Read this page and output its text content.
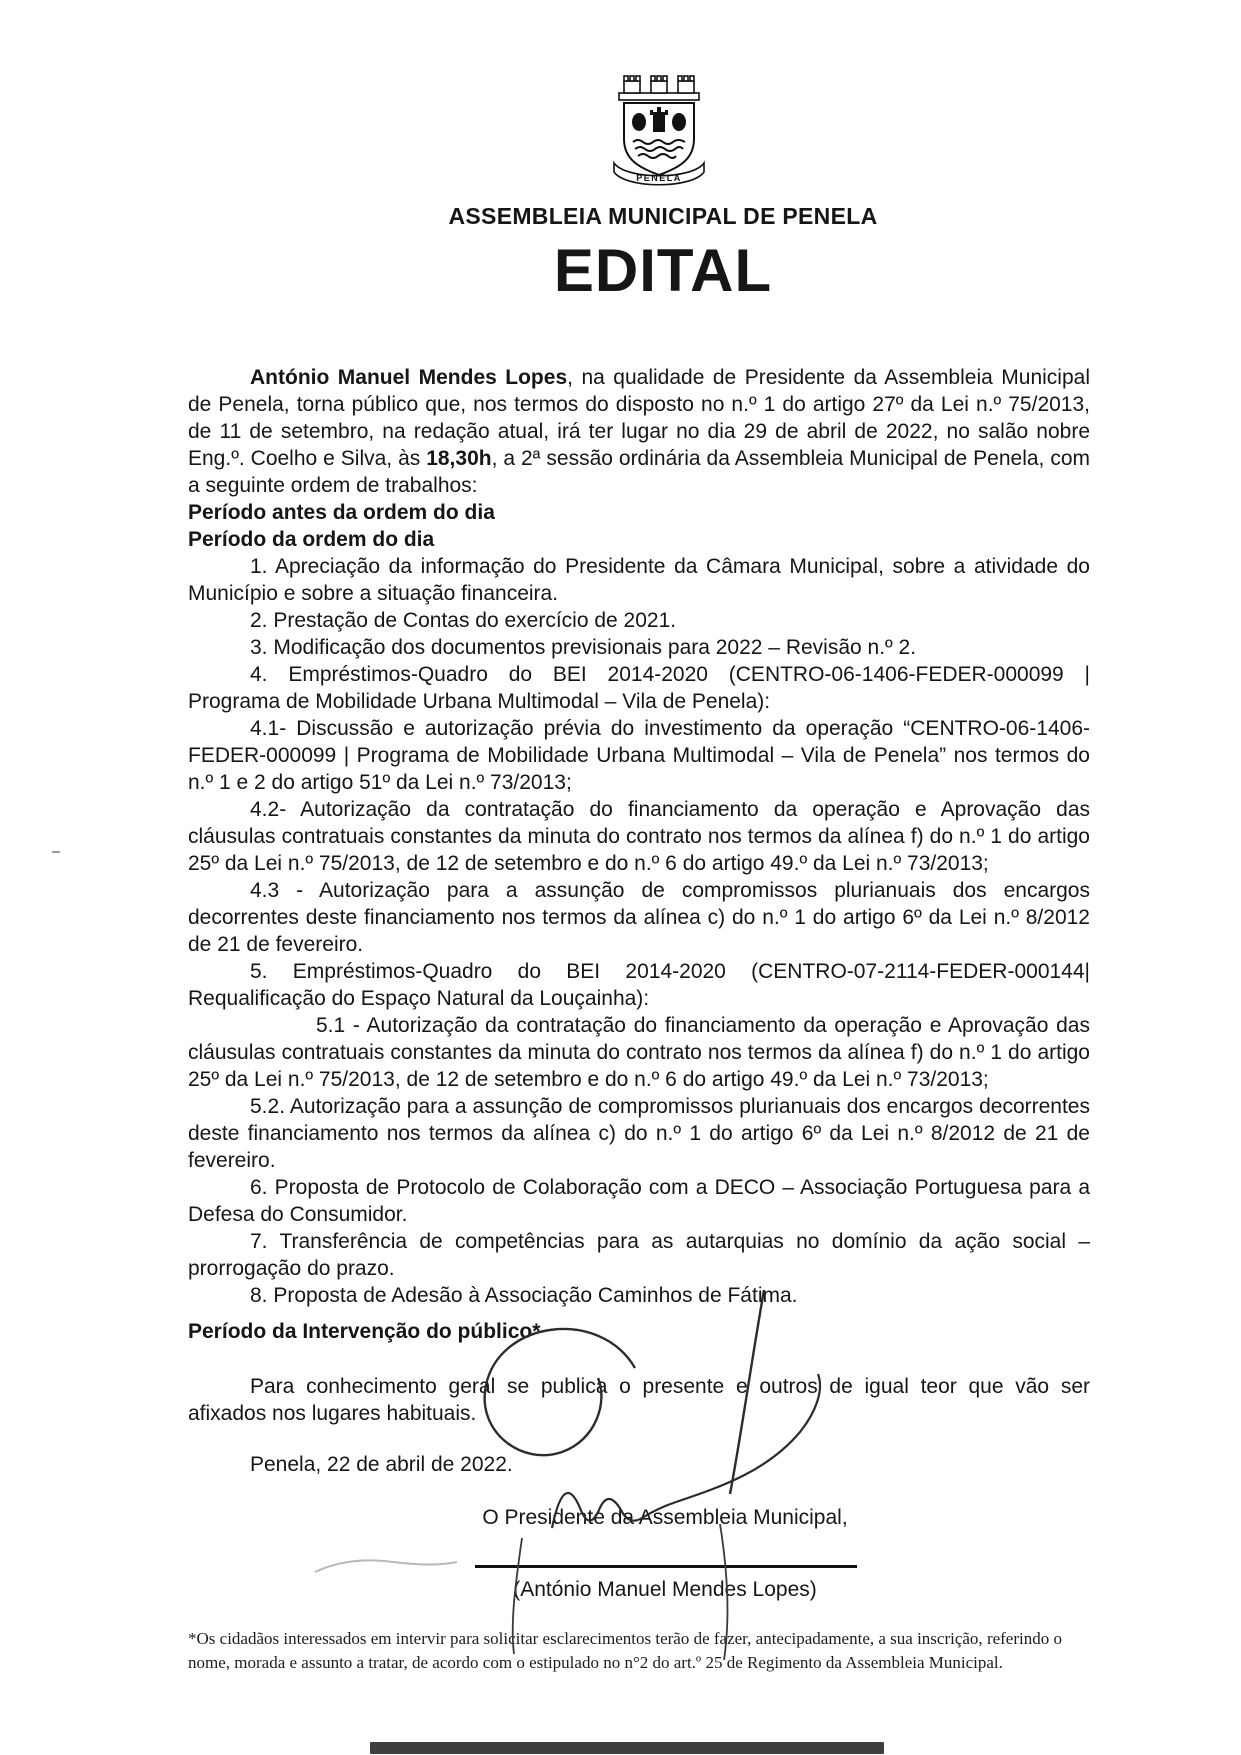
PENELA
ASSEMBLEIA MUNICIPAL DE PENELA
EDITAL

António Manuel Mendes Lopes, na qualidade de Presidente da Assembleia Municipal de Penela, torna público que, nos termos do disposto no n.º 1 do artigo 27º da Lei n.º 75/2013, de 11 de setembro, na redação atual, irá ter lugar no dia 29 de abril de 2022, no salão nobre Eng.º. Coelho e Silva, às 18,30h, a 2ª sessão ordinária da Assembleia Municipal de Penela, com a seguinte ordem de trabalhos:

Período antes da ordem do dia

Período da ordem do dia

1. Apreciação da informação do Presidente da Câmara Municipal, sobre a atividade do Município e sobre a situação financeira.

2. Prestação de Contas do exercício de 2021.

3. Modificação dos documentos previsionais para 2022 – Revisão n.º 2.

4. Empréstimos-Quadro do BEI 2014-2020 (CENTRO-06-1406-FEDER-000099 | Programa de Mobilidade Urbana Multimodal – Vila de Penela):

4.1- Discussão e autorização prévia do investimento da operação “CENTRO-06-1406-FEDER-000099 | Programa de Mobilidade Urbana Multimodal – Vila de Penela” nos termos do n.º 1 e 2 do artigo 51º da Lei n.º 73/2013;

4.2- Autorização da contratação do financiamento da operação e Aprovação das cláusulas contratuais constantes da minuta do contrato nos termos da alínea f) do n.º 1 do artigo 25º da Lei n.º 75/2013, de 12 de setembro e do n.º 6 do artigo 49.º da Lei n.º 73/2013;

4.3 - Autorização para a assunção de compromissos plurianuais dos encargos decorrentes deste financiamento nos termos da alínea c) do n.º 1 do artigo 6º da Lei n.º 8/2012 de 21 de fevereiro.

5. Empréstimos-Quadro do BEI 2014-2020 (CENTRO-07-2114-FEDER-000144| Requalificação do Espaço Natural da Louçainha):

5.1 - Autorização da contratação do financiamento da operação e Aprovação das cláusulas contratuais constantes da minuta do contrato nos termos da alínea f) do n.º 1 do artigo 25º da Lei n.º 75/2013, de 12 de setembro e do n.º 6 do artigo 49.º da Lei n.º 73/2013;

5.2. Autorização para a assunção de compromissos plurianuais dos encargos decorrentes deste financiamento nos termos da alínea c) do n.º 1 do artigo 6º da Lei n.º 8/2012 de 21 de fevereiro.

6. Proposta de Protocolo de Colaboração com a DECO – Associação Portuguesa para a Defesa do Consumidor.

7. Transferência de competências para as autarquias no domínio da ação social – prorrogação do prazo.

8. Proposta de Adesão à Associação Caminhos de Fátima.

Período da Intervenção do público*

Para conhecimento geral se publica o presente e outros de igual teor que vão ser afixados nos lugares habituais.

Penela, 22 de abril de 2022.

O Presidente da Assembleia Municipal,
(António Manuel Mendes Lopes)

*Os cidadãos interessados em intervir para solicitar esclarecimentos terão de fazer, antecipadamente, a sua inscrição, referindo o nome, morada e assunto a tratar, de acordo com o estipulado no n°2 do art.º 25 de Regimento da Assembleia Municipal.
